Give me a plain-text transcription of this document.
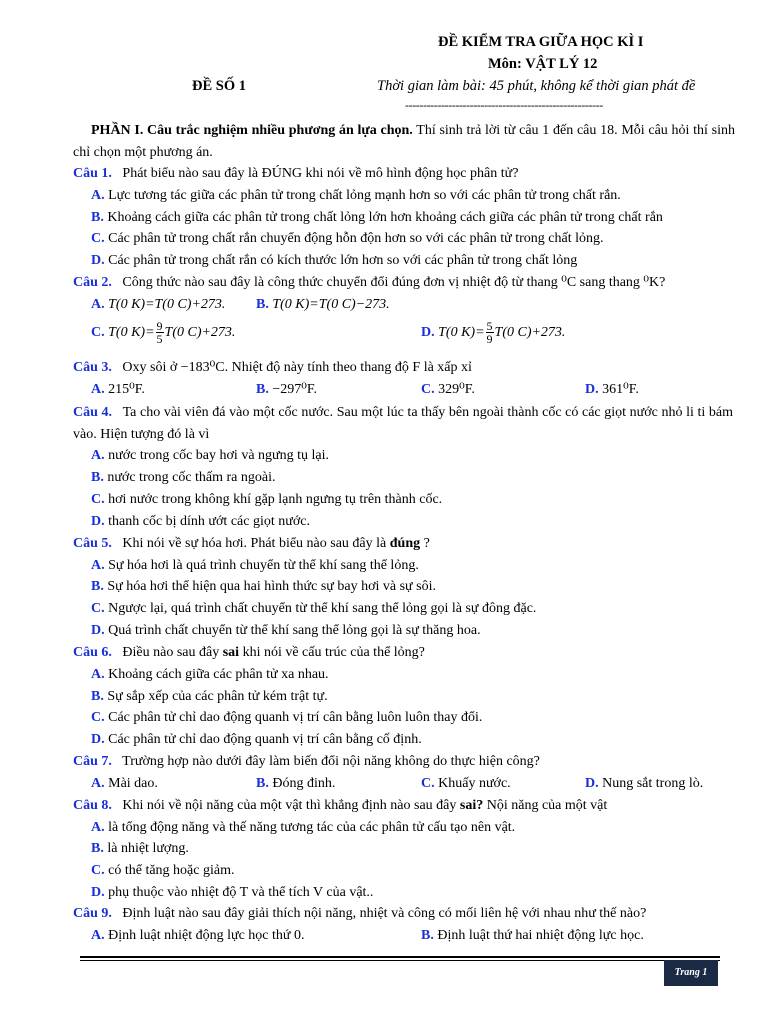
ĐỀ KIỂM TRA GIỮA HỌC KÌ I
Môn: VẬT LÝ 12
ĐỀ SỐ 1	Thời gian làm bài: 45 phút, không kể thời gian phát đề
-------------------------------------------------------
PHẦN I. Câu trắc nghiệm nhiều phương án lựa chọn. Thí sinh trả lời từ câu 1 đến câu 18. Mỗi câu hỏi thí sinh chỉ chọn một phương án.
Câu 1. Phát biểu nào sau đây là ĐÚNG khi nói về mô hình động học phân tử?
A. Lực tương tác giữa các phân tử trong chất lỏng mạnh hơn so với các phân tử trong chất rắn.
B. Khoảng cách giữa các phân tử trong chất lỏng lớn hơn khoảng cách giữa các phân tử trong chất rắn
C. Các phân tử trong chất rắn chuyển động hỗn độn hơn so với các phân tử trong chất lỏng.
D. Các phân tử trong chất rắn có kích thước lớn hơn so với các phân tử trong chất lỏng
Câu 2. Công thức nào sau đây là công thức chuyển đổi đúng đơn vị nhiệt độ từ thang ⁰C sang thang ⁰K?
A. T(0 K)=T(0 C)+273. B. T(0 K)=T(0 C)−273.
C. T(0 $K)= \frac{9}{5} T(0$ C)+273.	D. T(0 $K)= \frac{5}{9} T(0$ C)+273.
Câu 3. Oxy sôi ở −183⁰C. Nhiệt độ này tính theo thang độ F là xấp xỉ
A. 215⁰F.	B. −297⁰F.	C. 329⁰F.	D. 361⁰F.
Câu 4. Ta cho vài viên đá vào một cốc nước. Sau một lúc ta thấy bên ngoài thành cốc có các giọt nước nhỏ li ti bám vào. Hiện tượng đó là vì
A. nước trong cốc bay hơi và ngưng tụ lại.
B. nước trong cốc thấm ra ngoài.
C. hơi nước trong không khí gặp lạnh ngưng tụ trên thành cốc.
D. thanh cốc bị dính ướt các giọt nước.
Câu 5. Khi nói về sự hóa hơi. Phát biểu nào sau đây là đúng ?
A. Sự hóa hơi là quá trình chuyển từ thể khí sang thể lỏng.
B. Sự hóa hơi thể hiện qua hai hình thức sự bay hơi và sự sôi.
C. Ngược lại, quá trình chất chuyển từ thể khí sang thể lỏng gọi là sự đông đặc.
D. Quá trình chất chuyển từ thể khí sang thể lỏng gọi là sự thăng hoa.
Câu 6. Điều nào sau đây sai khi nói về cấu trúc của thể lỏng?
A. Khoảng cách giữa các phân tử xa nhau.
B. Sự sắp xếp của các phân tử kém trật tự.
C. Các phân tử chỉ dao động quanh vị trí cân bằng luôn luôn thay đổi.
D. Các phân tử chỉ dao động quanh vị trí cân bằng cố định.
Câu 7. Trường hợp nào dưới đây làm biến đổi nội năng không do thực hiện công?
A. Mài dao.	B. Đóng đinh.	C. Khuấy nước.	D. Nung sắt trong lò.
Câu 8. Khi nói về nội năng của một vật thì khẳng định nào sau đây sai? Nội năng của một vật
A. là tổng động năng và thế năng tương tác của các phân tử cấu tạo nên vật.
B. là nhiệt lượng.
C. có thể tăng hoặc giảm.
D. phụ thuộc vào nhiệt độ T và thể tích V của vật..
Câu 9. Định luật nào sau đây giải thích nội năng, nhiệt và công có mối liên hệ với nhau như thế nào?
A. Định luật nhiệt động lực học thứ 0.	B. Định luật thứ hai nhiệt động lực học.
Trang 1
